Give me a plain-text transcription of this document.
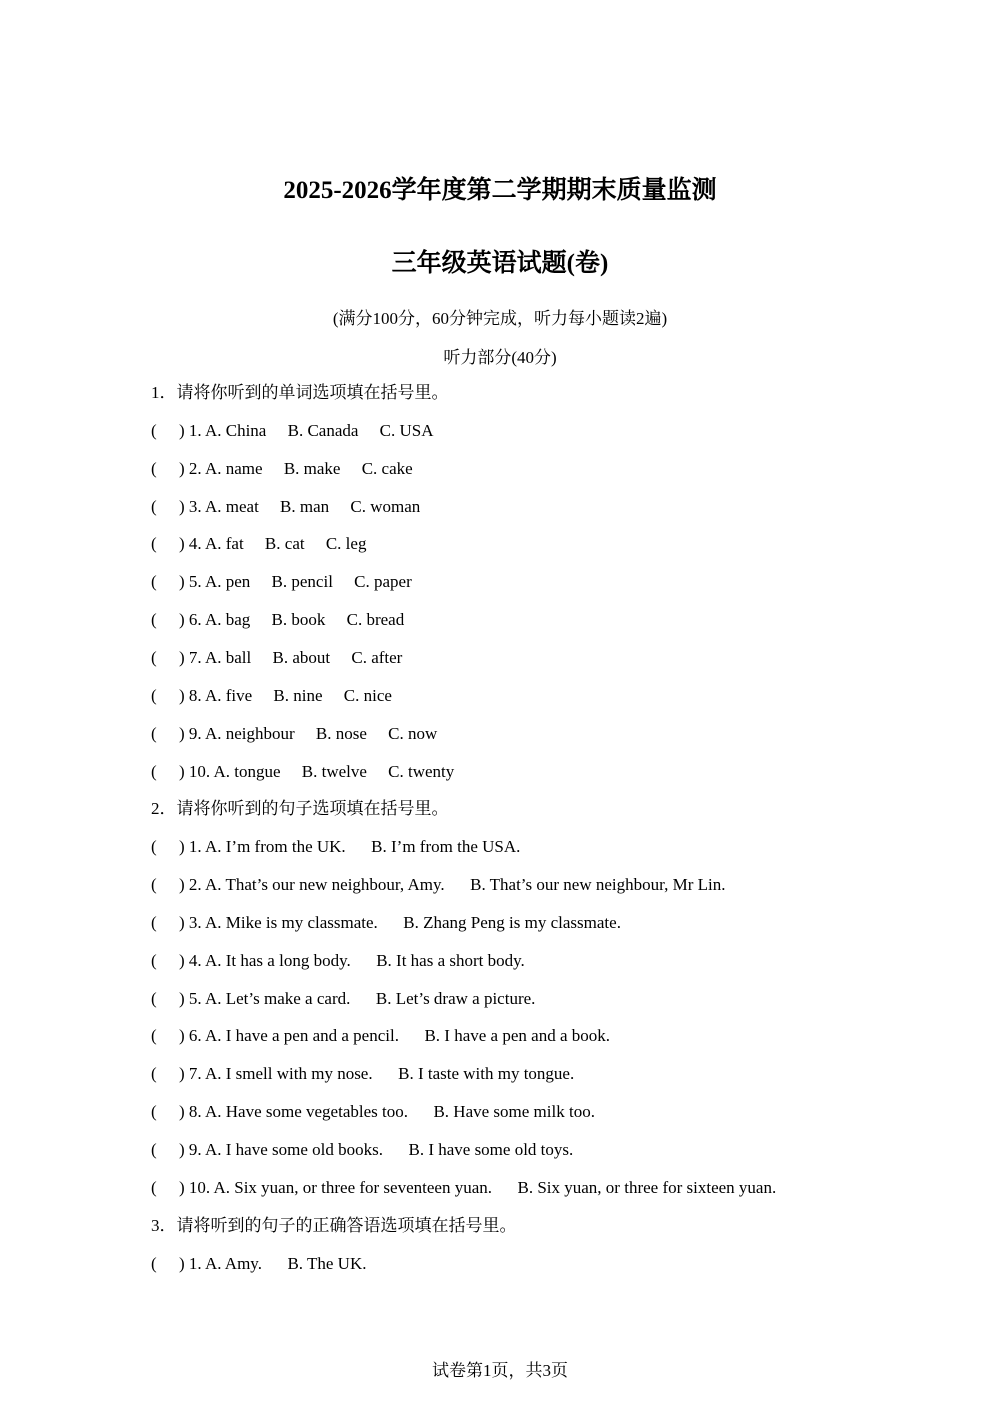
2025-2026学年度第二学期期末质量监测
三年级英语试题(卷)
(满分100分，60分钟完成，听力每小题读2遍)
听力部分(40分)
1．请将你听到的单词选项填在括号里。
( ) 1. A. China     B. Canada     C. USA
( ) 2. A. name     B. make     C. cake
( ) 3. A. meat     B. man     C. woman
( ) 4. A. fat     B. cat     C. leg
( ) 5. A. pen     B. pencil     C. paper
( ) 6. A. bag     B. book     C. bread
( ) 7. A. ball     B. about     C. after
( ) 8. A. five     B. nine     C. nice
( ) 9. A. neighbour     B. nose     C. now
( ) 10. A. tongue     B. twelve     C. twenty
2．请将你听到的句子选项填在括号里。
( ) 1. A. I’m from the UK.      B. I’m from the USA.
( ) 2. A. That’s our new neighbour, Amy.      B. That’s our new neighbour, Mr Lin.
( ) 3. A. Mike is my classmate.      B. Zhang Peng is my classmate.
( ) 4. A. It has a long body.      B. It has a short body.
( ) 5. A. Let’s make a card.      B. Let’s draw a picture.
( ) 6. A. I have a pen and a pencil.      B. I have a pen and a book.
( ) 7. A. I smell with my nose.      B. I taste with my tongue.
( ) 8. A. Have some vegetables too.      B. Have some milk too.
( ) 9. A. I have some old books.      B. I have some old toys.
( ) 10. A. Six yuan, or three for seventeen yuan.      B. Six yuan, or three for sixteen yuan.
3．请将听到的句子的正确答语选项填在括号里。
( ) 1. A. Amy.      B. The UK.
试卷第1页，共3页
